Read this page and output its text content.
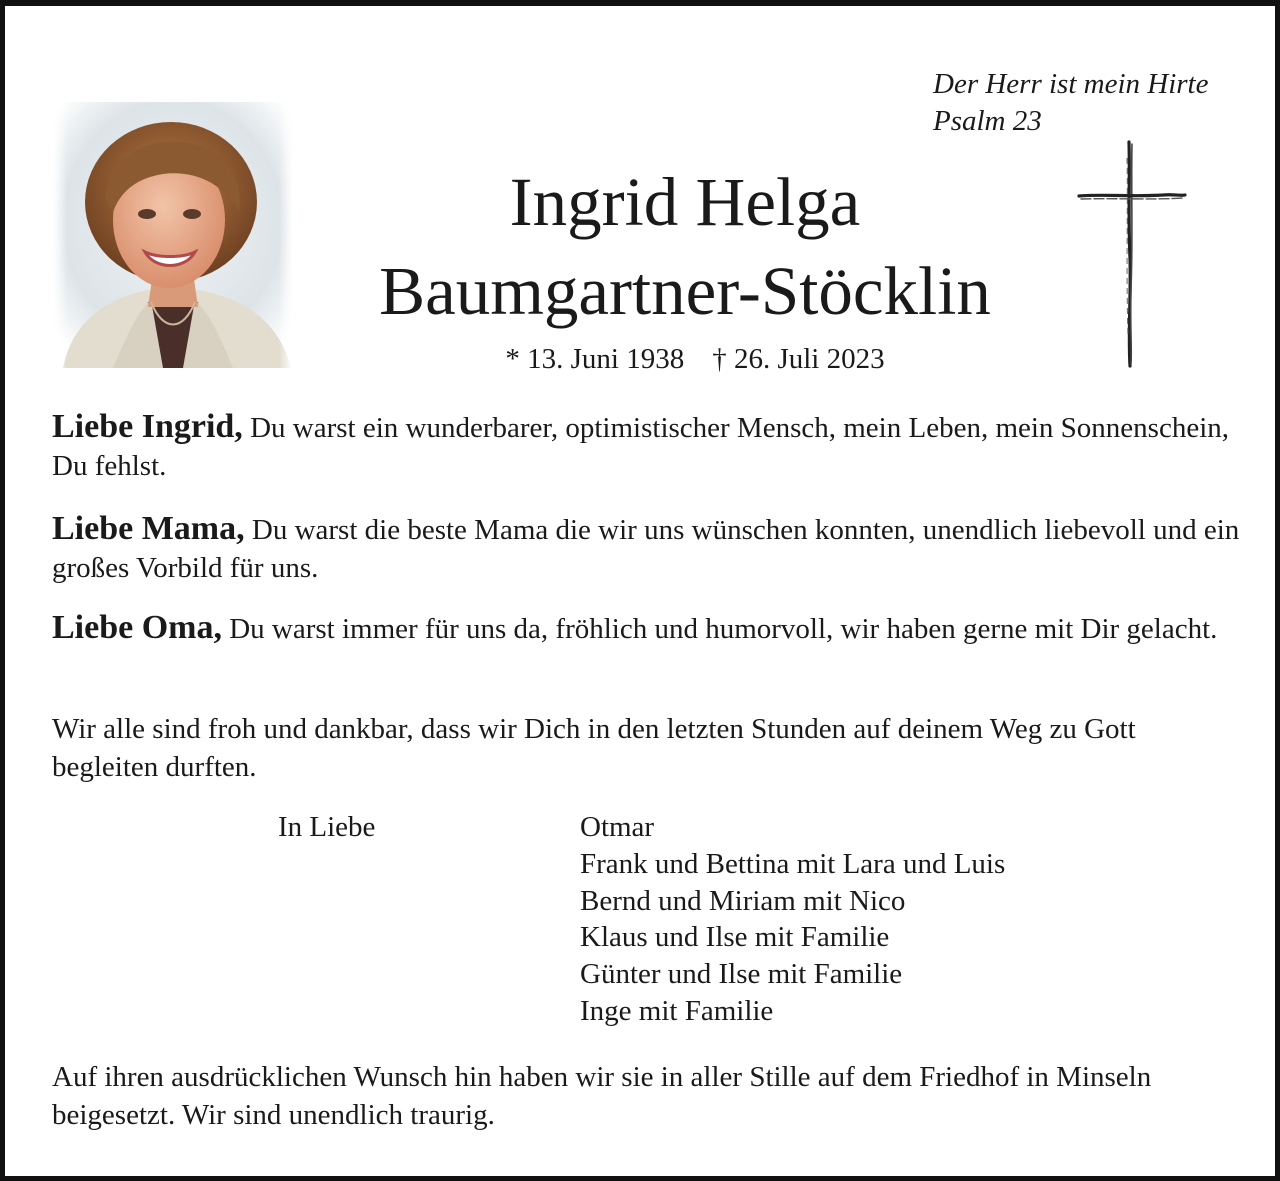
Der Herr ist mein Hirte
Psalm 23
Ingrid Helga
Baumgartner-Stöcklin
* 13. Juni 1938 † 26. Juli 2023
Liebe Ingrid, Du warst ein wunderbarer, optimistischer Mensch, mein Leben, mein Sonnenschein, Du fehlst.
Liebe Mama, Du warst die beste Mama die wir uns wünschen konnten, unendlich liebevoll und ein großes Vorbild für uns.
Liebe Oma, Du warst immer für uns da, fröhlich und humorvoll, wir haben gerne mit Dir gelacht.
Wir alle sind froh und dankbar, dass wir Dich in den letzten Stunden auf deinem Weg zu Gott begleiten durften.
In Liebe	Otmar
Frank und Bettina mit Lara und Luis
Bernd und Miriam mit Nico
Klaus und Ilse mit Familie
Günter und Ilse mit Familie
Inge mit Familie
Auf ihren ausdrücklichen Wunsch hin haben wir sie in aller Stille auf dem Friedhof in Minseln beigesetzt. Wir sind unendlich traurig.
